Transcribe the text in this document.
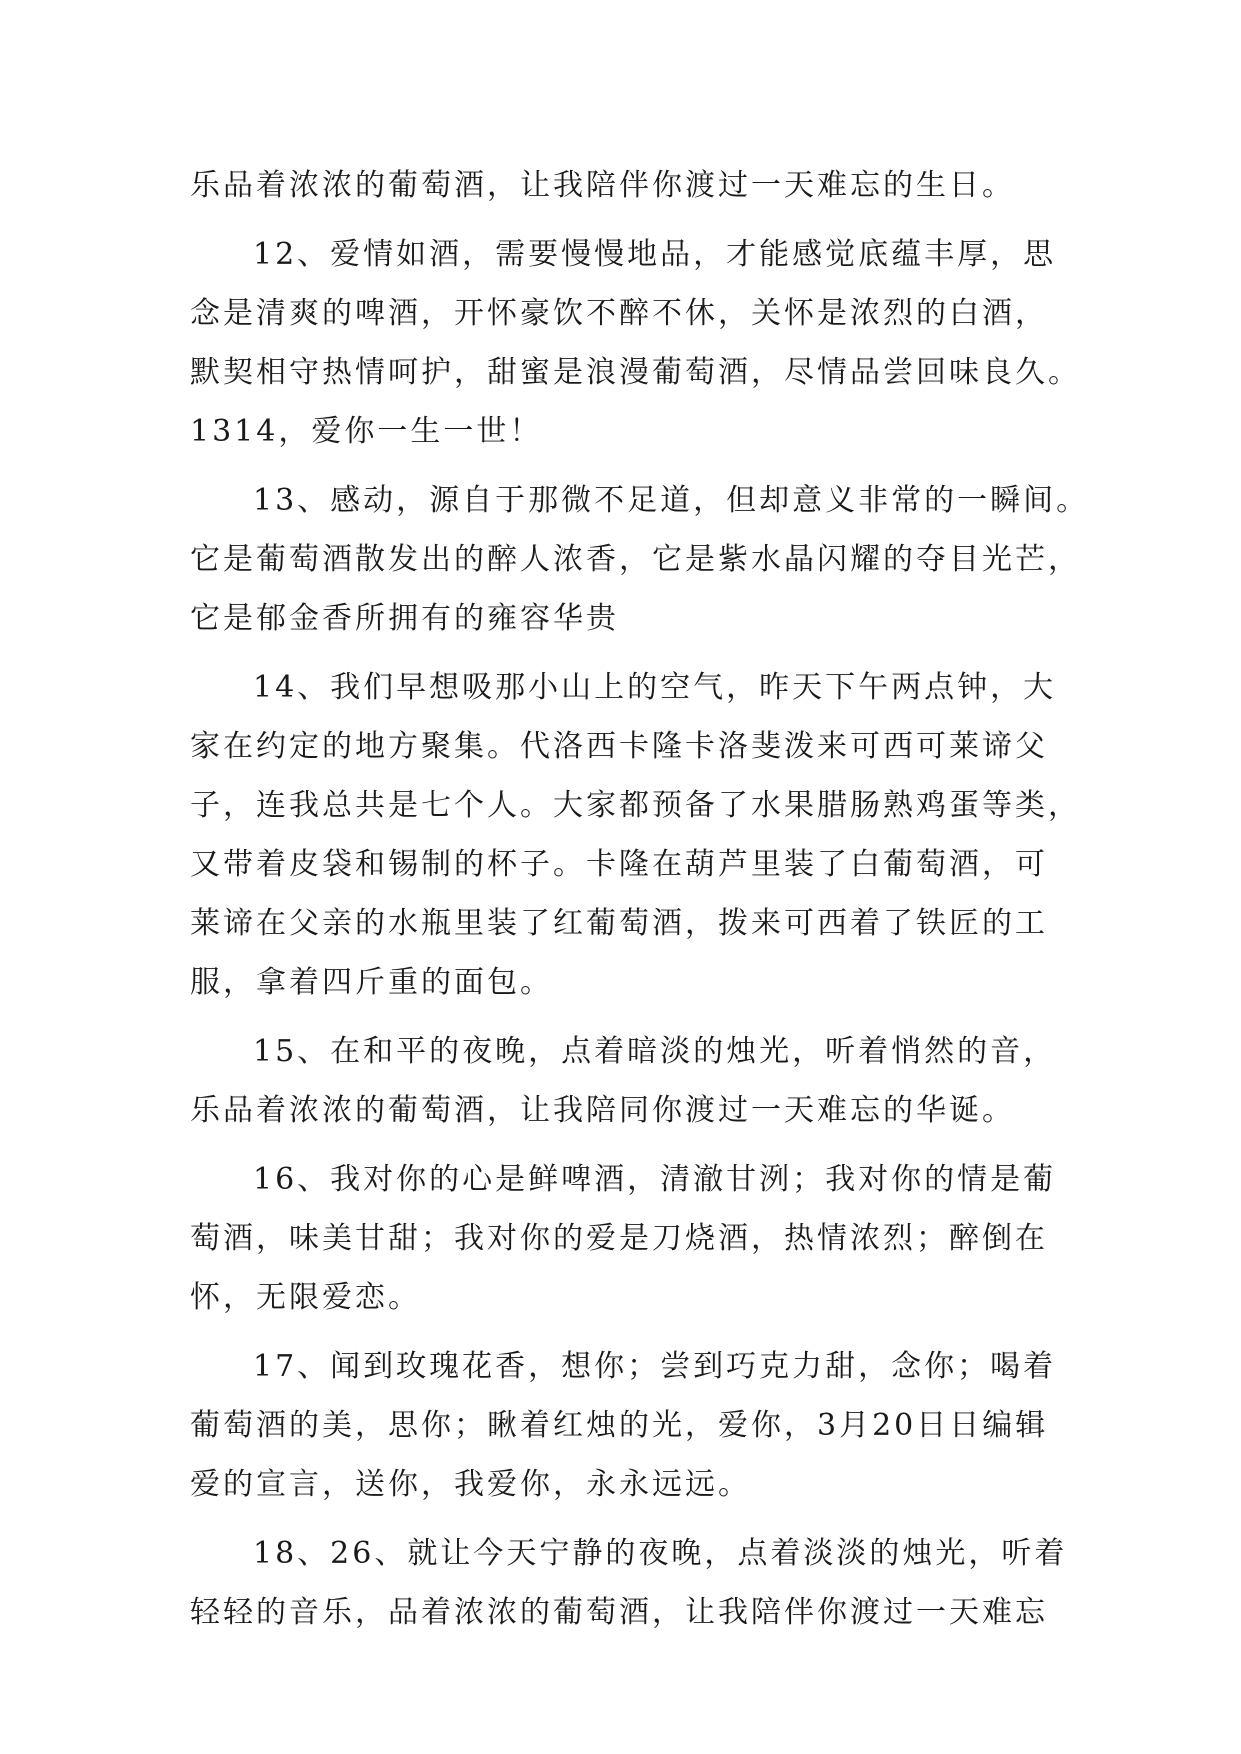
乐品着浓浓的葡萄酒，让我陪伴你渡过一天难忘的生日。

12、爱情如酒，需要慢慢地品，才能感觉底蕴丰厚，思
念是清爽的啤酒，开怀豪饮不醉不休，关怀是浓烈的白酒，
默契相守热情呵护，甜蜜是浪漫葡萄酒，尽情品尝回味良久。
1314，爱你一生一世！

13、感动，源自于那微不足道，但却意义非常的一瞬间。
它是葡萄酒散发出的醉人浓香，它是紫水晶闪耀的夺目光芒，
它是郁金香所拥有的雍容华贵

14、我们早想吸那小山上的空气，昨天下午两点钟，大
家在约定的地方聚集。代洛西卡隆卡洛斐泼来可西可莱谛父
子，连我总共是七个人。大家都预备了水果腊肠熟鸡蛋等类，
又带着皮袋和锡制的杯子。卡隆在葫芦里装了白葡萄酒，可
莱谛在父亲的水瓶里装了红葡萄酒，拨来可西着了铁匠的工
服，拿着四斤重的面包。

15、在和平的夜晚，点着暗淡的烛光，听着悄然的音，
乐品着浓浓的葡萄酒，让我陪同你渡过一天难忘的华诞。

16、我对你的心是鲜啤酒，清澈甘洌；我对你的情是葡
萄酒，味美甘甜；我对你的爱是刀烧酒，热情浓烈；醉倒在
怀，无限爱恋。

17、闻到玫瑰花香，想你；尝到巧克力甜，念你；喝着
葡萄酒的美，思你；瞅着红烛的光，爱你，3月20日日编辑
爱的宣言，送你，我爱你，永永远远。

18、26、就让今天宁静的夜晚，点着淡淡的烛光，听着
轻轻的音乐，品着浓浓的葡萄酒，让我陪伴你渡过一天难忘
